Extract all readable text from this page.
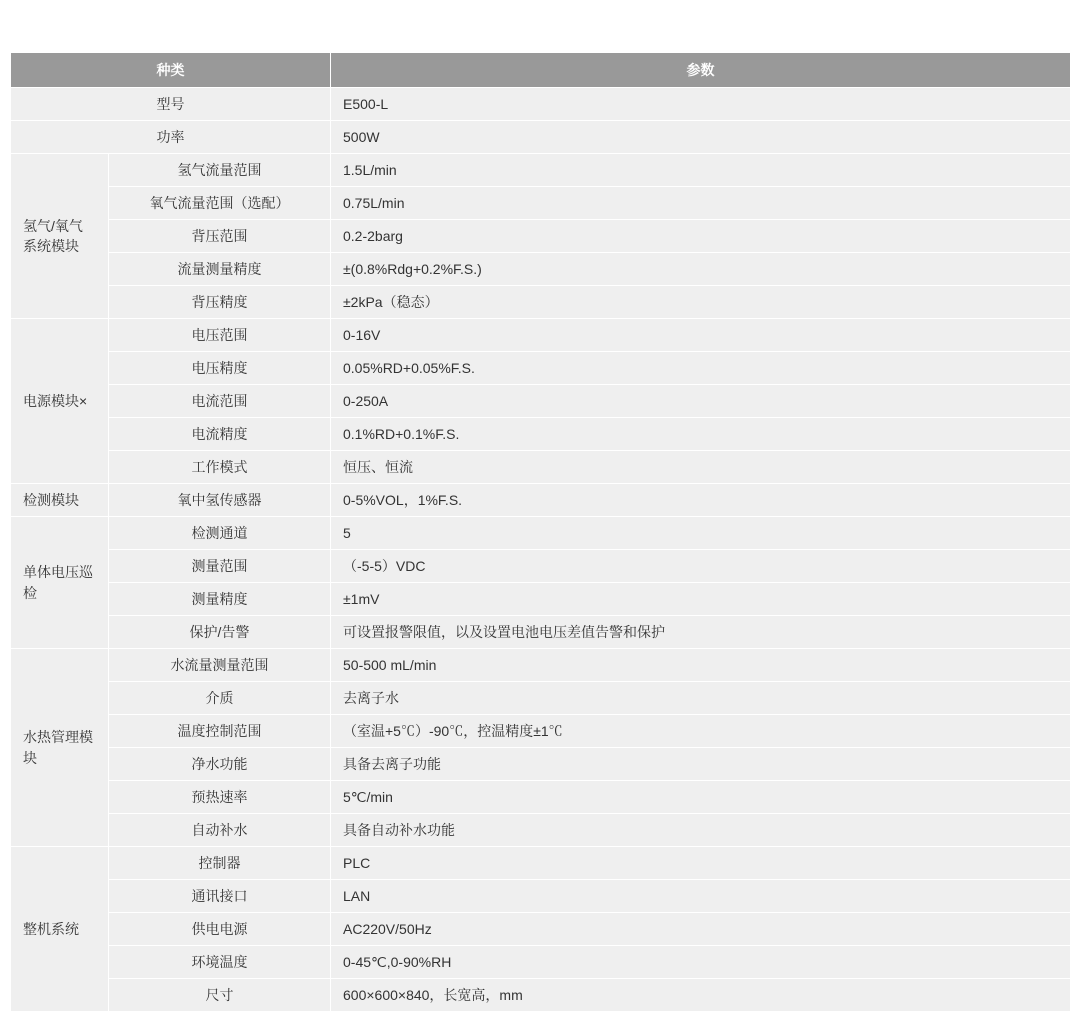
种类		参数
型号		E500-L
功率		500W
氢气/氧气系统模块	氢气流量范围	1.5L/min
	氧气流量范围（选配）	0.75L/min
	背压范围	0.2-2barg
	流量测量精度	±(0.8%Rdg+0.2%F.S.)
	背压精度	±2kPa（稳态）
电源模块×	电压范围	0-16V
	电压精度	0.05%RD+0.05%F.S.
	电流范围	0-250A
	电流精度	0.1%RD+0.1%F.S.
	工作模式	恒压、恒流
检测模块	氧中氢传感器	0-5%VOL，1%F.S.
单体电压巡检	检测通道	5
	测量范围	（-5-5）VDC
	测量精度	±1mV
	保护/告警	可设置报警限值，以及设置电池电压差值告警和保护
水热管理模块	水流量测量范围	50-500 mL/min
	介质	去离子水
	温度控制范围	（室温+5℃）-90℃，控温精度±1℃
	净水功能	具备去离子功能
	预热速率	5℃/min
	自动补水	具备自动补水功能
整机系统	控制器	PLC
	通讯接口	LAN
	供电电源	AC220V/50Hz
	环境温度	0-45℃,0-90%RH
	尺寸	600×600×840，长宽高，mm
